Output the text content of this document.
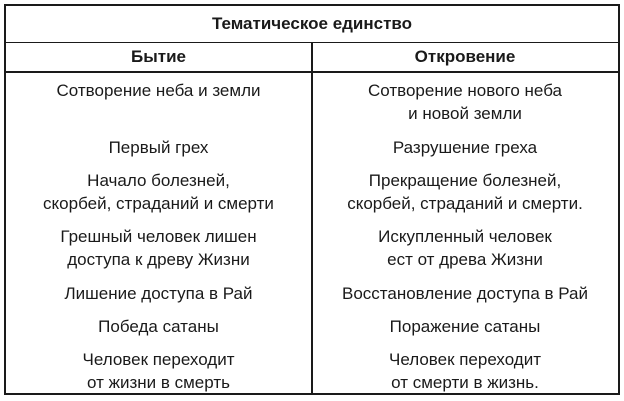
Тематическое единство
Бытие	Откровение
Сотворение неба и земли
Первый грех
Начало болезней,
скорбей, страданий и смерти
Грешный человек лишен
доступа к древу Жизни
Лишение доступа в Рай
Победа сатаны
Человек переходит
от жизни в смерть
Сотворение нового неба
и новой земли
Разрушение греха
Прекращение болезней,
скорбей, страданий и смерти.
Искупленный человек
ест от древа Жизни
Восстановление доступа в Рай
Поражение сатаны
Человек переходит
от смерти в жизнь.
